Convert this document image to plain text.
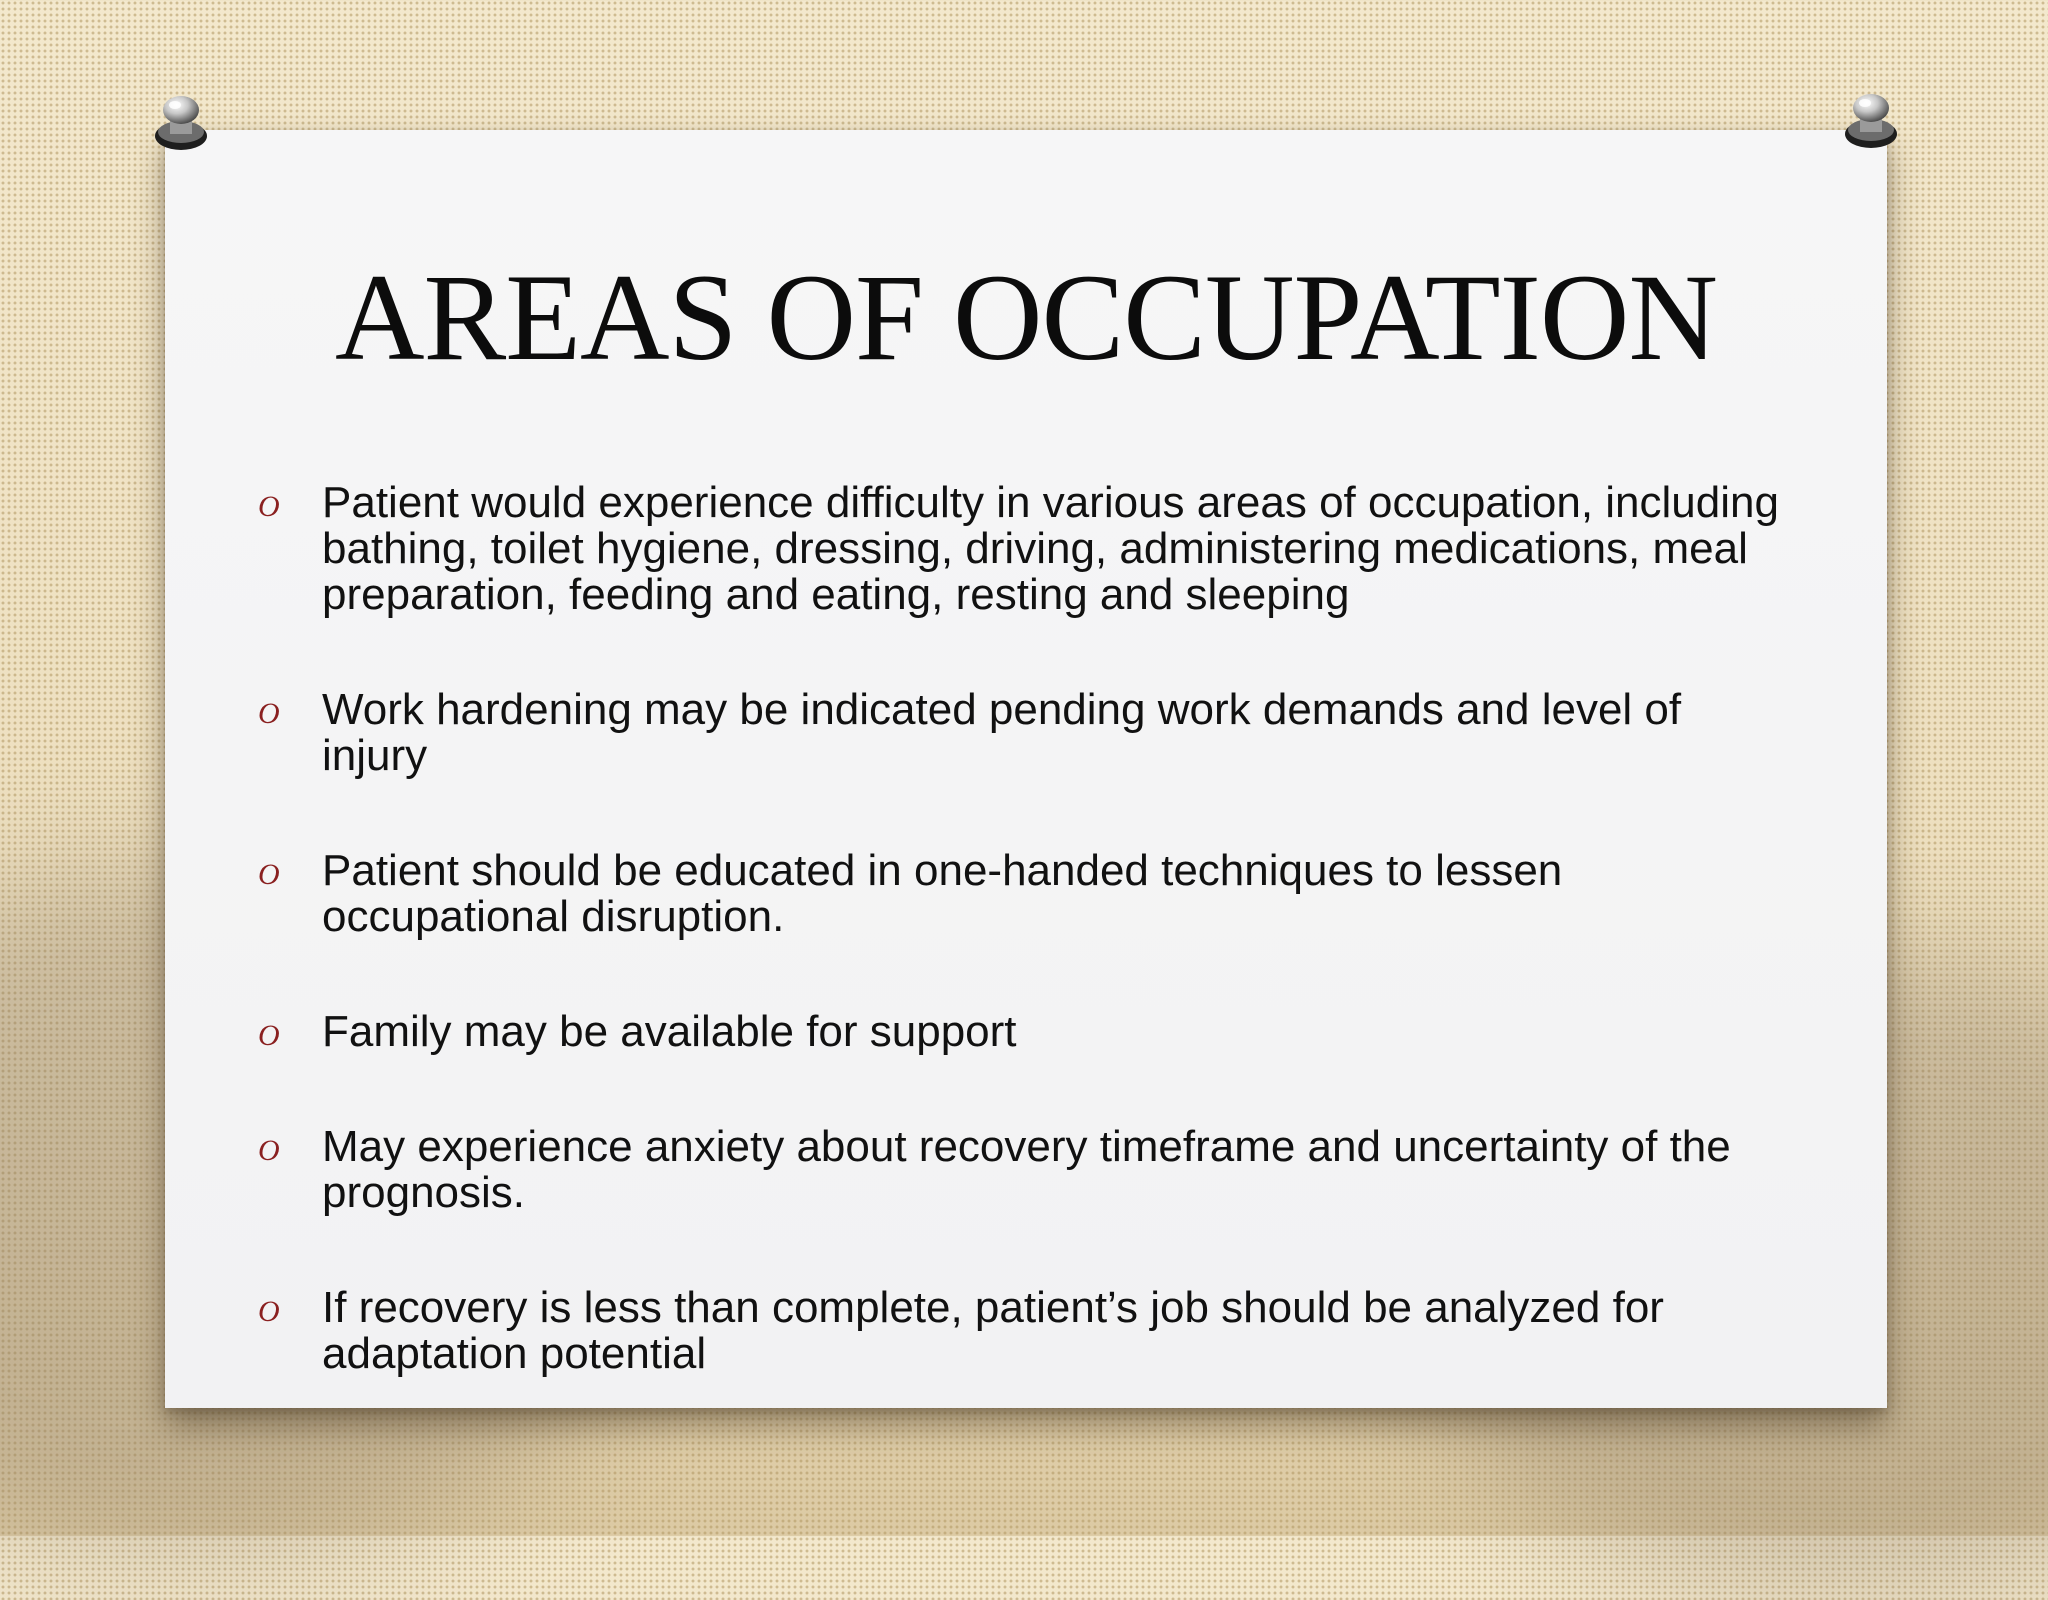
AREAS OF OCCUPATION
O Patient would experience difficulty in various areas of occupation, including bathing, toilet hygiene, dressing, driving, administering medications, meal preparation, feeding and eating, resting and sleeping
O Work hardening may be indicated pending work demands and level of injury
O Patient should be educated in one-handed techniques to lessen occupational disruption.
O Family may be available for support
O May experience anxiety about recovery timeframe and uncertainty of the prognosis.
O If recovery is less than complete, patient’s job should be analyzed for adaptation potential
